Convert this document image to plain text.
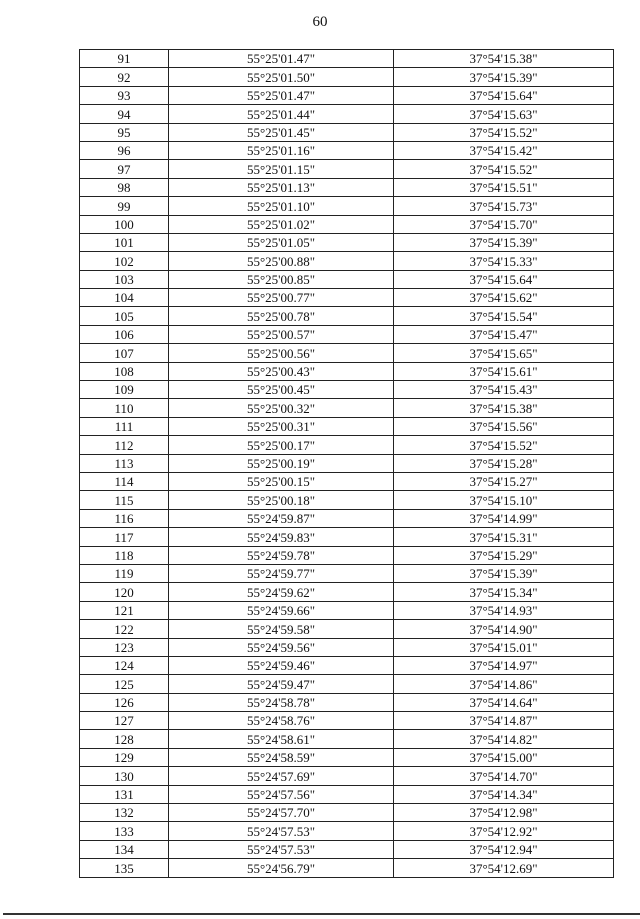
60
91	55°25'01.47"	37°54'15.38"
92	55°25'01.50"	37°54'15.39"
93	55°25'01.47"	37°54'15.64"
94	55°25'01.44"	37°54'15.63"
95	55°25'01.45"	37°54'15.52"
96	55°25'01.16"	37°54'15.42"
97	55°25'01.15"	37°54'15.52"
98	55°25'01.13"	37°54'15.51"
99	55°25'01.10"	37°54'15.73"
100	55°25'01.02"	37°54'15.70"
101	55°25'01.05"	37°54'15.39"
102	55°25'00.88"	37°54'15.33"
103	55°25'00.85"	37°54'15.64"
104	55°25'00.77"	37°54'15.62"
105	55°25'00.78"	37°54'15.54"
106	55°25'00.57"	37°54'15.47"
107	55°25'00.56"	37°54'15.65"
108	55°25'00.43"	37°54'15.61"
109	55°25'00.45"	37°54'15.43"
110	55°25'00.32"	37°54'15.38"
111	55°25'00.31"	37°54'15.56"
112	55°25'00.17"	37°54'15.52"
113	55°25'00.19"	37°54'15.28"
114	55°25'00.15"	37°54'15.27"
115	55°25'00.18"	37°54'15.10"
116	55°24'59.87"	37°54'14.99"
117	55°24'59.83"	37°54'15.31"
118	55°24'59.78"	37°54'15.29"
119	55°24'59.77"	37°54'15.39"
120	55°24'59.62"	37°54'15.34"
121	55°24'59.66"	37°54'14.93"
122	55°24'59.58"	37°54'14.90"
123	55°24'59.56"	37°54'15.01"
124	55°24'59.46"	37°54'14.97"
125	55°24'59.47"	37°54'14.86"
126	55°24'58.78"	37°54'14.64"
127	55°24'58.76"	37°54'14.87"
128	55°24'58.61"	37°54'14.82"
129	55°24'58.59"	37°54'15.00"
130	55°24'57.69"	37°54'14.70"
131	55°24'57.56"	37°54'14.34"
132	55°24'57.70"	37°54'12.98"
133	55°24'57.53"	37°54'12.92"
134	55°24'57.53"	37°54'12.94"
135	55°24'56.79"	37°54'12.69"
